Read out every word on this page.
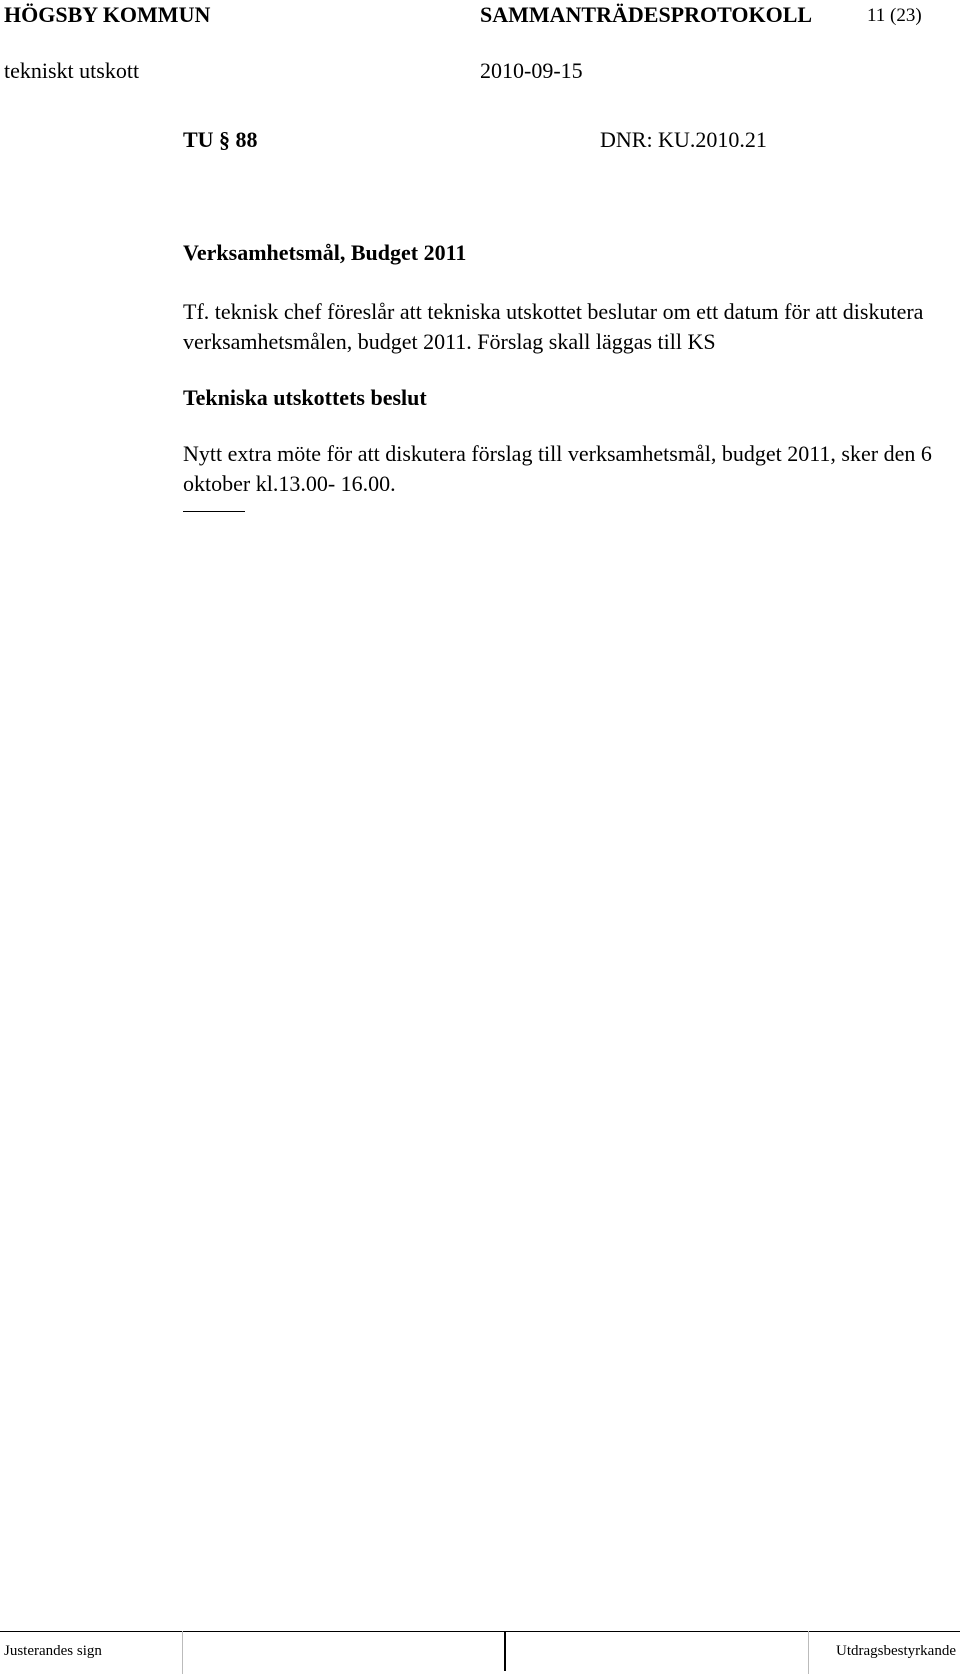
HÖGSBY KOMMUN	SAMMANTRÄDESPROTOKOLL	11 (23)
tekniskt utskott	2010-09-15
TU § 88	DNR: KU.2010.21
Verksamhetsmål, Budget 2011

Tf. teknisk chef föreslår att tekniska utskottet beslutar om ett datum för att diskutera verksamhetsmålen, budget 2011. Förslag skall läggas till KS

Tekniska utskottets beslut

Nytt extra möte för att diskutera förslag till verksamhetsmål, budget 2011, sker den 6 oktober kl.13.00- 16.00.

Justerandes sign	Utdragsbestyrkande
